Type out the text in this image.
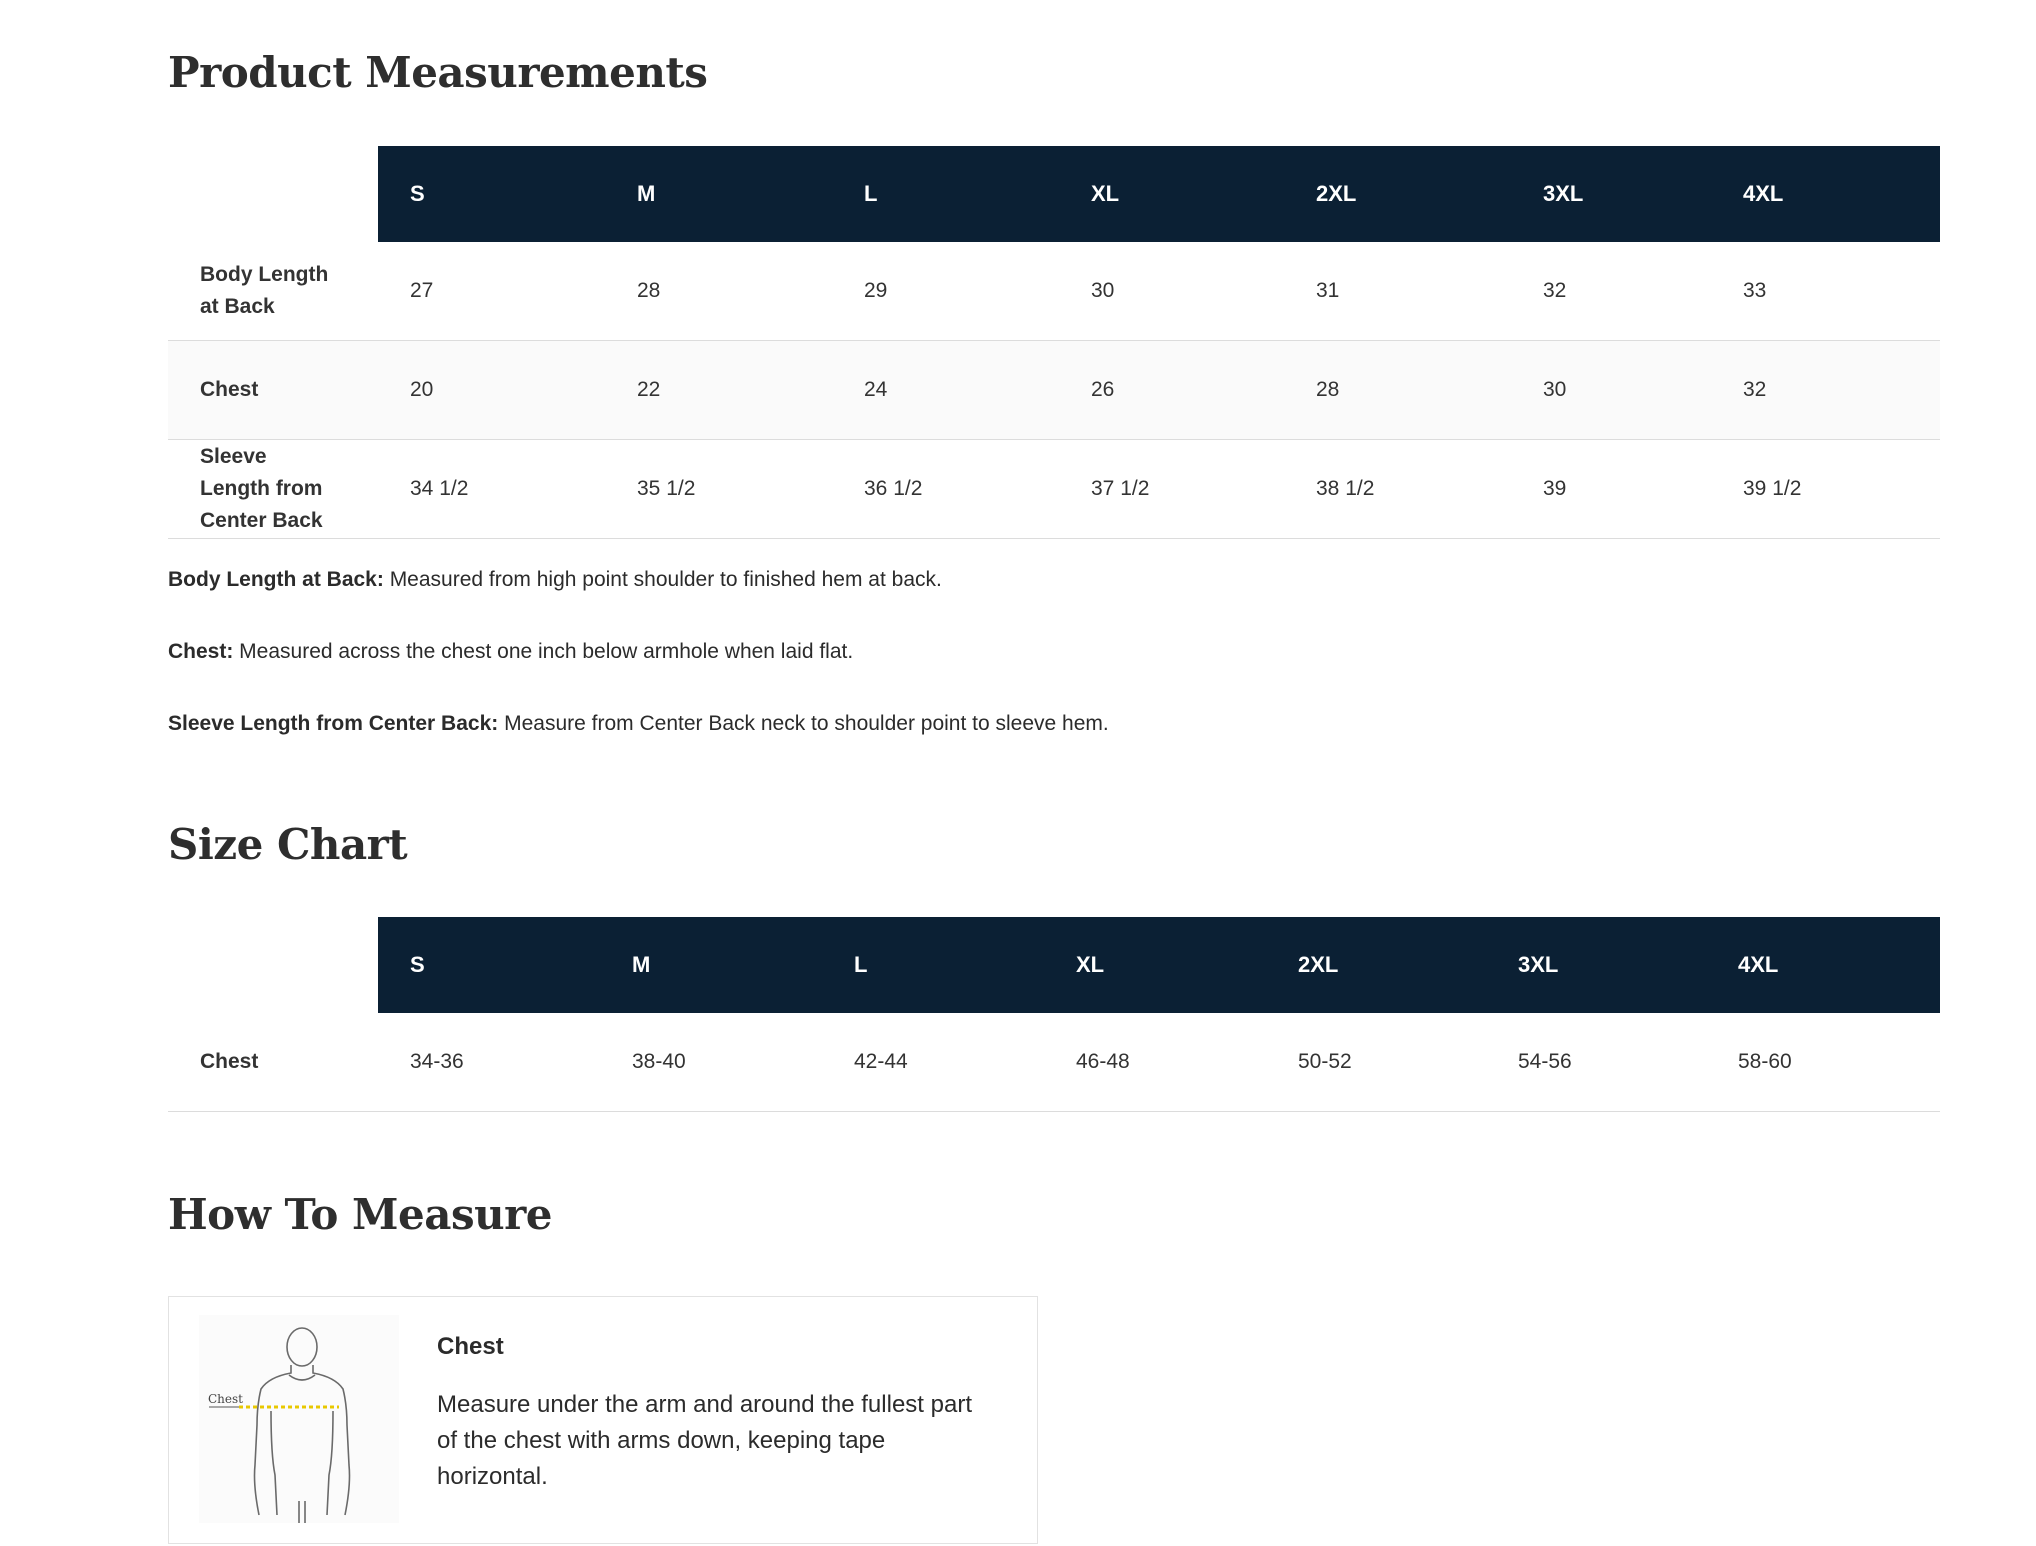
Product Measurements
	S	M	L	XL	2XL	3XL	4XL
Body Length at Back	27	28	29	30	31	32	33
Chest	20	22	24	26	28	30	32
Sleeve Length from Center Back	34 1/2	35 1/2	36 1/2	37 1/2	38 1/2	39	39 1/2

Body Length at Back: Measured from high point shoulder to finished hem at back.

Chest: Measured across the chest one inch below armhole when laid flat.

Sleeve Length from Center Back: Measure from Center Back neck to shoulder point to sleeve hem.

Size Chart
	S	M	L	XL	2XL	3XL	4XL
Chest	34-36	38-40	42-44	46-48	50-52	54-56	58-60
How To Measure
Chest
Chest
Measure under the arm and around the fullest part of the chest with arms down, keeping tape horizontal.
